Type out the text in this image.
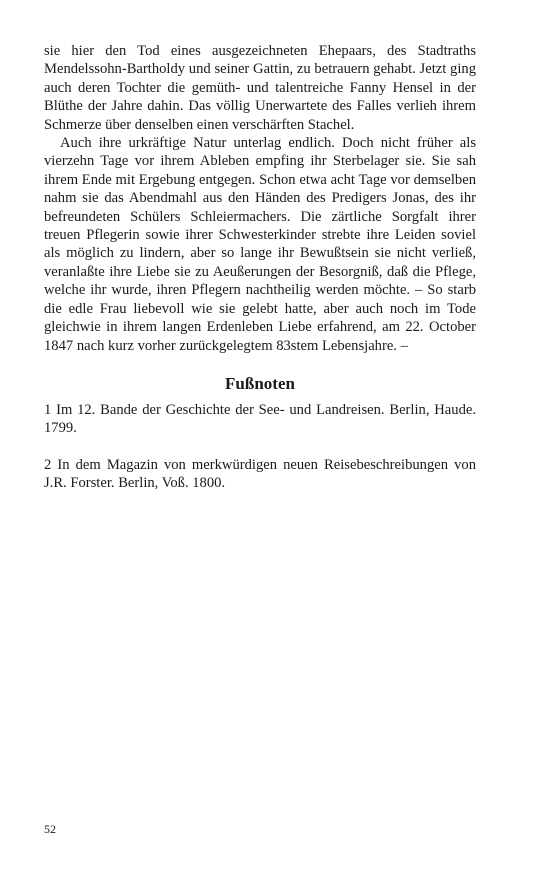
sie hier den Tod eines ausgezeichneten Ehepaars, des Stadtraths Mendelssohn-Bartholdy und seiner Gattin, zu betrauern gehabt. Jetzt ging auch deren Tochter die gemüth- und talentreiche Fanny Hensel in der Blüthe der Jahre dahin. Das völlig Unerwartete des Falles verlieh ihrem Schmerze über denselben einen verschärften Stachel.

Auch ihre urkräftige Natur unterlag endlich. Doch nicht früher als vierzehn Tage vor ihrem Ableben empfing ihr Sterbelager sie. Sie sah ihrem Ende mit Ergebung entgegen. Schon etwa acht Tage vor demselben nahm sie das Abendmahl aus den Händen des Predigers Jonas, des ihr befreundeten Schülers Schleiermachers. Die zärtliche Sorgfalt ihrer treuen Pflegerin sowie ihrer Schwesterkinder strebte ihre Leiden soviel als möglich zu lindern, aber so lange ihr Bewußtsein sie nicht verließ, veranlaßte ihre Liebe sie zu Aeußerungen der Besorgniß, daß die Pflege, welche ihr wurde, ihren Pflegern nachtheilig werden möchte. – So starb die edle Frau liebevoll wie sie gelebt hatte, aber auch noch im Tode gleichwie in ihrem langen Erdenleben Liebe erfahrend, am 22. October 1847 nach kurz vorher zurückgelegtem 83stem Lebensjahre. –

Fußnoten

1 Im 12. Bande der Geschichte der See- und Landreisen. Berlin, Haude. 1799.

2 In dem Magazin von merkwürdigen neuen Reisebeschreibungen von J.R. Forster. Berlin, Voß. 1800.

52
